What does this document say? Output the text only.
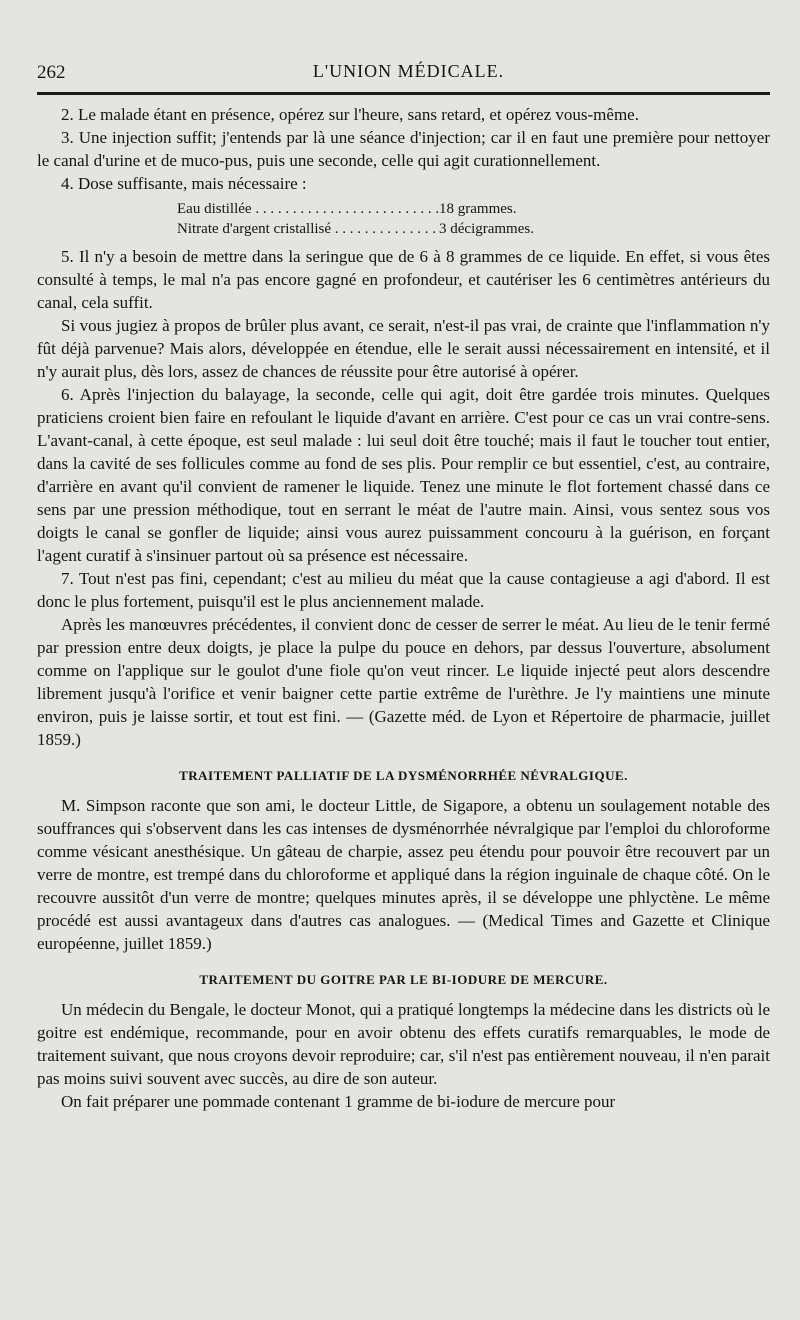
262	L'UNION MÉDICALE.

2. Le malade étant en présence, opérez sur l'heure, sans retard, et opérez vous-même.

3. Une injection suffit; j'entends par là une séance d'injection; car il en faut une première pour nettoyer le canal d'urine et de muco-pus, puis une seconde, celle qui agit curationnellement.

4. Dose suffisante, mais nécessaire :

Eau distillée . . .	18 grammes.
Nitrate d'argent cristallisé . . .	3 décigrammes.

5. Il n'y a besoin de mettre dans la seringue que de 6 à 8 grammes de ce liquide. En effet, si vous êtes consulté à temps, le mal n'a pas encore gagné en profondeur, et cautériser les 6 centimètres antérieurs du canal, cela suffit.

Si vous jugiez à propos de brûler plus avant, ce serait, n'est-il pas vrai, de crainte que l'inflammation n'y fût déjà parvenue? Mais alors, développée en étendue, elle le serait aussi nécessairement en intensité, et il n'y aurait plus, dès lors, assez de chances de réussite pour être autorisé à opérer.

6. Après l'injection du balayage, la seconde, celle qui agit, doit être gardée trois minutes. Quelques praticiens croient bien faire en refoulant le liquide d'avant en arrière. C'est pour ce cas un vrai contre-sens. L'avant-canal, à cette époque, est seul malade : lui seul doit être touché; mais il faut le toucher tout entier, dans la cavité de ses follicules comme au fond de ses plis. Pour remplir ce but essentiel, c'est, au contraire, d'arrière en avant qu'il convient de ramener le liquide. Tenez une minute le flot fortement chassé dans ce sens par une pression méthodique, tout en serrant le méat de l'autre main. Ainsi, vous sentez sous vos doigts le canal se gonfler de liquide; ainsi vous aurez puissamment concouru à la guérison, en forçant l'agent curatif à s'insinuer partout où sa présence est nécessaire.

7. Tout n'est pas fini, cependant; c'est au milieu du méat que la cause contagieuse a agi d'abord. Il est donc le plus fortement, puisqu'il est le plus anciennement malade.

Après les manœuvres précédentes, il convient donc de cesser de serrer le méat. Au lieu de le tenir fermé par pression entre deux doigts, je place la pulpe du pouce en dehors, par dessus l'ouverture, absolument comme on l'applique sur le goulot d'une fiole qu'on veut rincer. Le liquide injecté peut alors descendre librement jusqu'à l'orifice et venir baigner cette partie extrême de l'urèthre. Je l'y maintiens une minute environ, puis je laisse sortir, et tout est fini. — (Gazette méd. de Lyon et Répertoire de pharmacie, juillet 1859.)

TRAITEMENT PALLIATIF DE LA DYSMÉNORRHÉE NÉVRALGIQUE.

M. Simpson raconte que son ami, le docteur Little, de Sigapore, a obtenu un soulagement notable des souffrances qui s'observent dans les cas intenses de dysménorrhée névralgique par l'emploi du chloroforme comme vésicant anesthésique. Un gâteau de charpie, assez peu étendu pour pouvoir être recouvert par un verre de montre, est trempé dans du chloroforme et appliqué dans la région inguinale de chaque côté. On le recouvre aussitôt d'un verre de montre; quelques minutes après, il se développe une phlyctène. Le même procédé est aussi avantageux dans d'autres cas analogues. — (Medical Times and Gazette et Clinique européenne, juillet 1859.)

TRAITEMENT DU GOITRE PAR LE BI-IODURE DE MERCURE.

Un médecin du Bengale, le docteur Monot, qui a pratiqué longtemps la médecine dans les districts où le goitre est endémique, recommande, pour en avoir obtenu des effets curatifs remarquables, le mode de traitement suivant, que nous croyons devoir reproduire; car, s'il n'est pas entièrement nouveau, il n'en parait pas moins suivi souvent avec succès, au dire de son auteur.

On fait préparer une pommade contenant 1 gramme de bi-iodure de mercure pour
